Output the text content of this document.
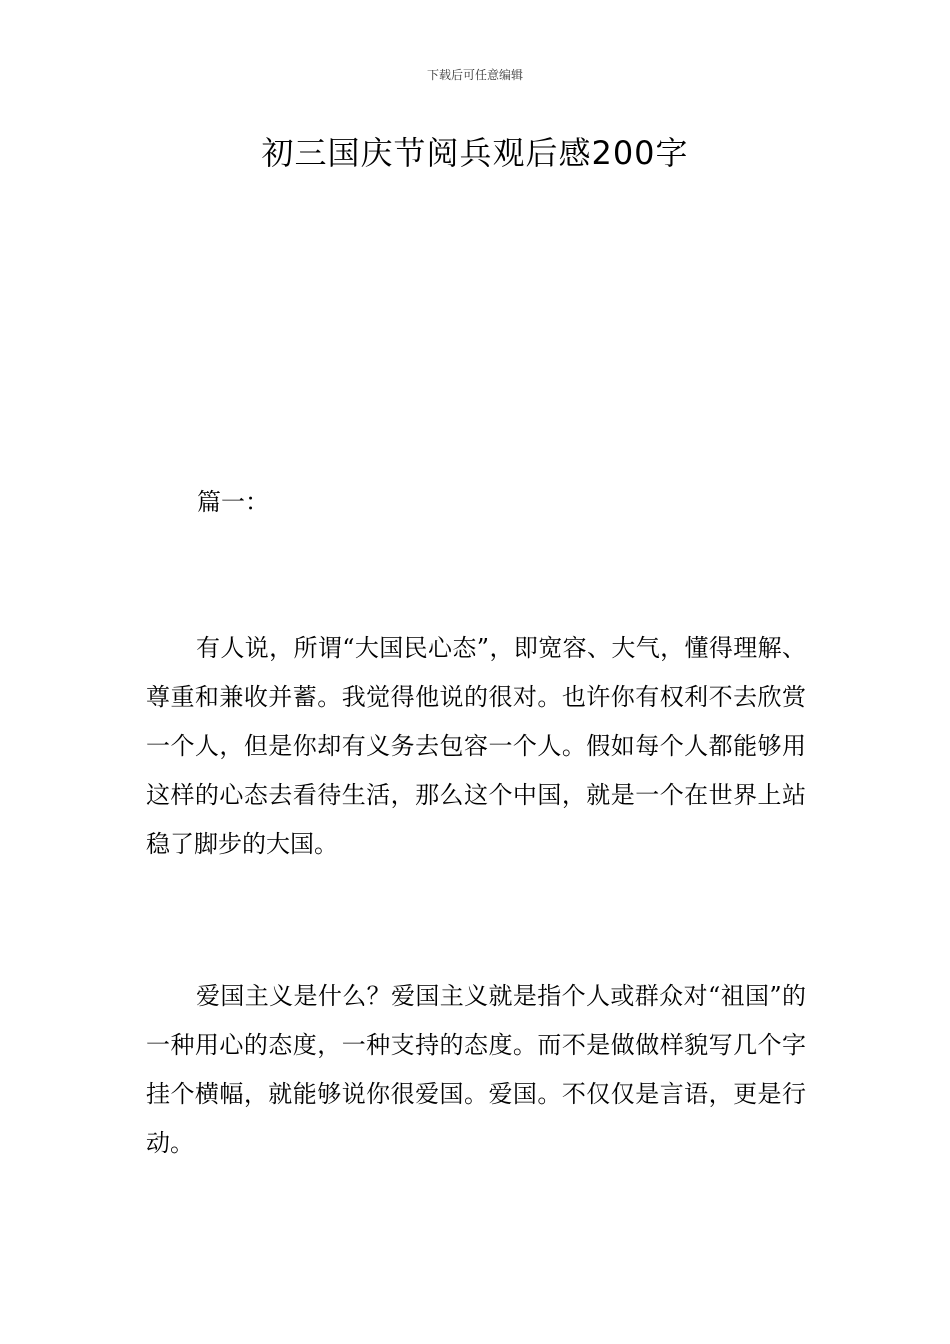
下载后可任意编辑
初三国庆节阅兵观后感200字

篇一：

有人说，所谓“大国民心态”，即宽容、大气，懂得理解、尊重和兼收并蓄。我觉得他说的很对。也许你有权利不去欣赏一个人，但是你却有义务去包容一个人。假如每个人都能够用这样的心态去看待生活，那么这个中国，就是一个在世界上站稳了脚步的大国。

爱国主义是什么？爱国主义就是指个人或群众对“祖国”的一种用心的态度，一种支持的态度。而不是做做样貌写几个字挂个横幅，就能够说你很爱国。爱国。不仅仅是言语，更是行动。
